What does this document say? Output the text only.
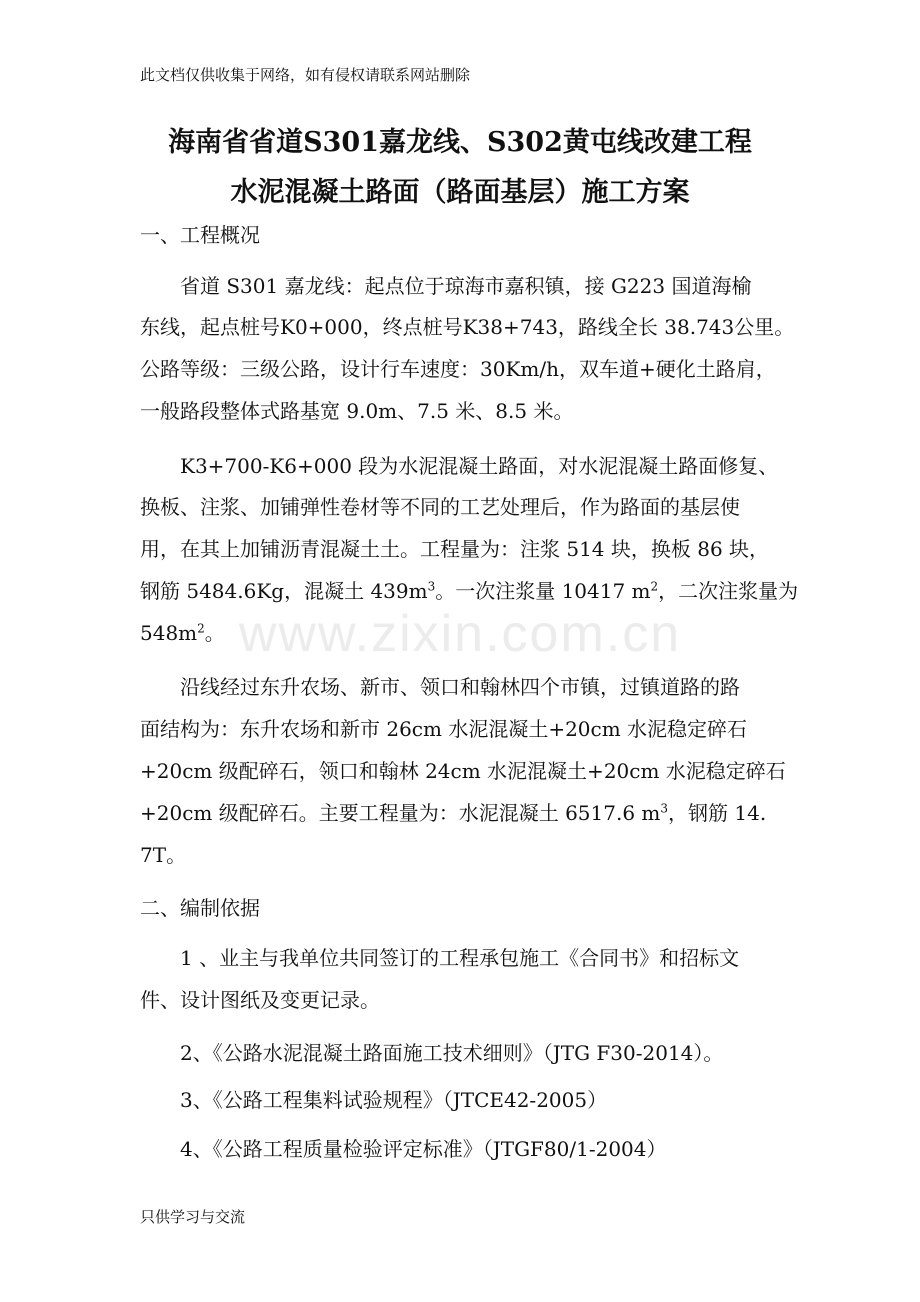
此文档仅供收集于网络，如有侵权请联系网站删除
海南省省道S301嘉龙线、S302黄屯线改建工程
水泥混凝土路面（路面基层）施工方案
一、工程概况
省道 S301 嘉龙线：起点位于琼海市嘉积镇，接 G223 国道海榆
东线，起点桩号K0+000，终点桩号K38+743，路线全长 38.743公里。
公路等级：三级公路，设计行车速度：30Km/h，双车道+硬化土路肩，
一般路段整体式路基宽 9.0m、7.5 米、8.5 米。
K3+700-K6+000 段为水泥混凝土路面，对水泥混凝土路面修复、
换板、注浆、加铺弹性卷材等不同的工艺处理后，作为路面的基层使
用，在其上加铺沥青混凝土土。工程量为：注浆 514 块，换板 86 块，
钢筋 5484.6Kg，混凝土 $439m^3$。一次注浆量 10417 $m^2$，二次注浆量为
$548m^2$。 www.zixin.com.cn
沿线经过东升农场、新市、领口和翰林四个市镇，过镇道路的路
面结构为：东升农场和新市 26cm 水泥混凝土+20cm 水泥稳定碎石
+20cm 级配碎石，领口和翰林 24cm 水泥混凝土+20cm 水泥稳定碎石
+20cm 级配碎石。主要工程量为：水泥混凝土 6517.6 $m^3$，钢筋 14.
7T。
二、编制依据
1 、业主与我单位共同签订的工程承包施工《合同书》和招标文
件、设计图纸及变更记录。
2、《公路水泥混凝土路面施工技术细则》（JTG F30-2014）。
3、《公路工程集料试验规程》（JTCE42-2005）
4、《公路工程质量检验评定标准》（JTGF80/1-2004）
只供学习与交流
